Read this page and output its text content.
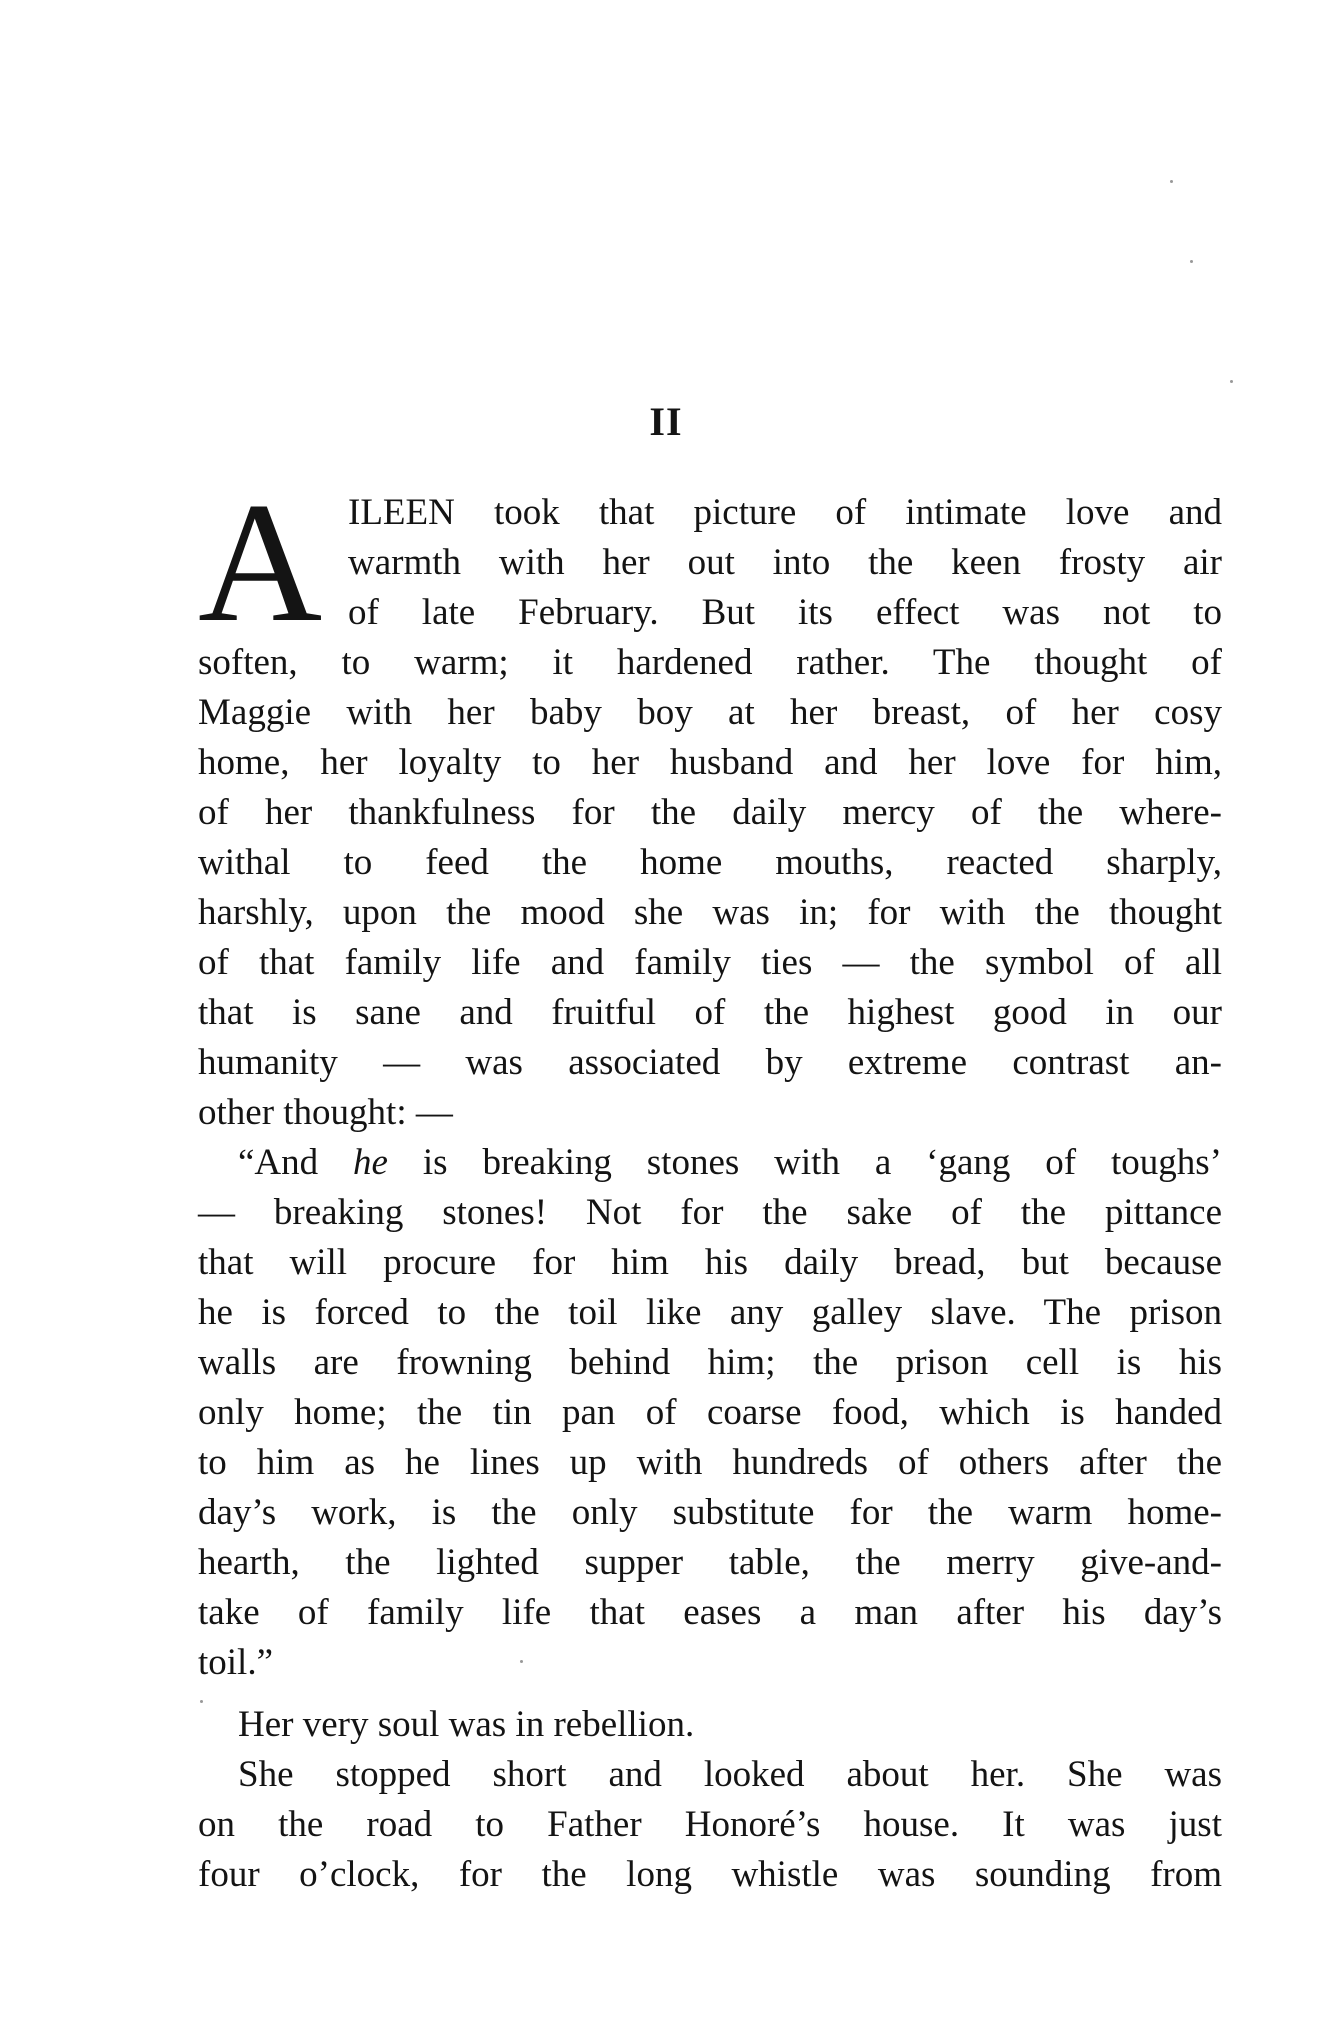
II
A ILEEN took that picture of intimate love and
warmth with her out into the keen frosty air
of late February. But its effect was not to
soften, to warm; it hardened rather. The thought of
Maggie with her baby boy at her breast, of her cosy
home, her loyalty to her husband and her love for him,
of her thankfulness for the daily mercy of the where-
withal to feed the home mouths, reacted sharply,
harshly, upon the mood she was in; for with the thought
of that family life and family ties — the symbol of all
that is sane and fruitful of the highest good in our
humanity — was associated by extreme contrast an-
other thought: —
“And he is breaking stones with a ‘gang of toughs’
— breaking stones! Not for the sake of the pittance
that will procure for him his daily bread, but because
he is forced to the toil like any galley slave. The prison
walls are frowning behind him; the prison cell is his
only home; the tin pan of coarse food, which is handed
to him as he lines up with hundreds of others after the
day’s work, is the only substitute for the warm home-
hearth, the lighted supper table, the merry give-and-
take of family life that eases a man after his day’s
toil.”
Her very soul was in rebellion.
She stopped short and looked about her. She was
on the road to Father Honoré’s house. It was just
four o’clock, for the long whistle was sounding from
